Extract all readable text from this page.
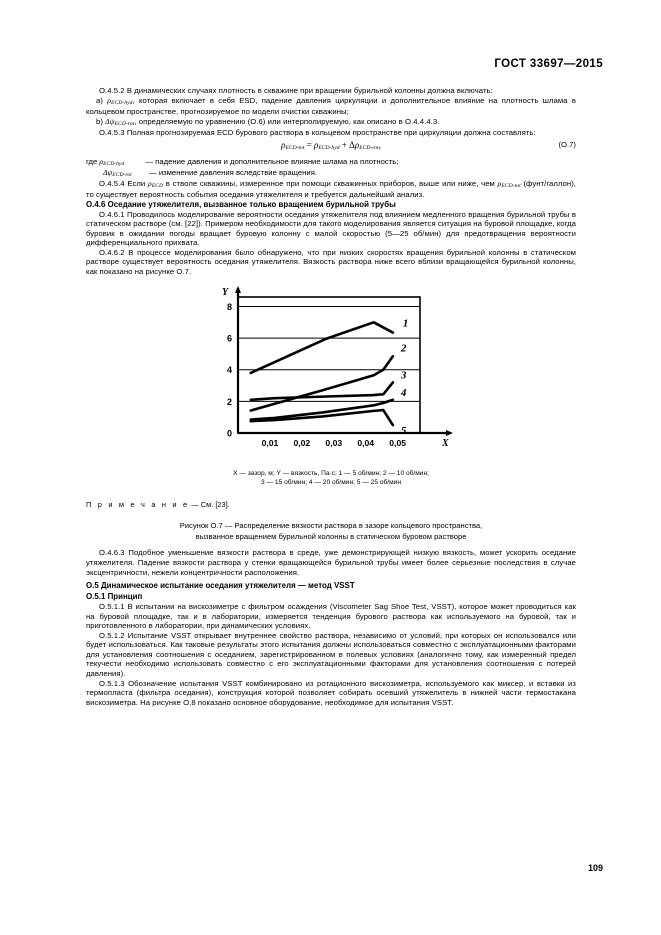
ГОСТ 33697—2015

О.4.5.2 В динамических случаях плотность в скважине при вращении бурильной колонны должна включать:

a) $\rho_{ECD-hyd}$, которая включает в себя ESD, падение давления циркуляции и дополнительное влияние на плотность шлама в кольцевом пространстве, прогнозируемое по модели очистки скважины;

b) $\Delta\psi_{ECD-rot}$, определяемую по уравнению (О.6) или интерполируемую, как описано в О.4.4.4.3.

О.4.5.3 Полная прогнозируемая ECD бурового раствора в кольцевом пространстве при циркуляции должна составлять:

$\rho_{ECD-tot} = \rho_{ECD-hyd} + \Delta\rho_{ECD-rot}$,	(О.7)
где $\rho_{ECD-hyd}$	— падение давления и дополнительное влияние шлама на плотность;
$\Delta\psi_{ECD-rot}$ — изменение давления вследствие вращения.

О.4.5.4 Если $\rho_{ECD}$ в стволе скважины, измеренное при помощи скважинных приборов, выше или ниже, чем $\rho_{ECD-tot}$ (фунт/галлон), то существует вероятность события оседания утяжелителя и требуется дальнейший анализ.

О.4.6 Оседание утяжелителя, вызванное только вращением бурильной трубы

О.4.6.1 Проводилось моделирование вероятности оседания утяжелителя под влиянием медленного вращения бурильной трубы в статическом растворе (см. [22]). Примером необходимости для такого моделирования является ситуация на буровой площадке, когда буровик в ожидании погоды вращает буровую колонну с малой скоростью (5—25 об/мин) для предотвращения вероятности дифференциального прихвата.

О.4.6.2 В процессе моделирования было обнаружено, что при низких скоростях вращения бурильной колонны в статическом растворе существует вероятность оседания утяжелителя. Вязкость раствора ниже всего вблизи вращающейся бурильной колонны, как показано на рисунке О.7.

0
2
4
6
8
0,01 0,02 0,03 0,04 0,05
1
2
3
4
5
Y
X
X — зазор, м; Y — вязкость, Па·с; 1 — 5 об/мин; 2 — 10 об/мин;
3 — 15 об/мин; 4 — 20 об/мин; 5 — 25 об/мин
П р и м е ч а н и е — См. [23].
Рисунок О.7 — Распределение вязкости раствора в зазоре кольцевого пространства,
вызванное вращением бурильной колонны в статическом буровом растворе

О.4.6.3 Подобное уменьшение вязкости раствора в среде, уже демонстрирующей низкую вязкость, может ускорить оседание утяжелителя. Падение вязкости раствора у стенки вращающейся бурильной трубы имеет более серьезные последствия в случае эксцентричности, нежели концентричности расположения.

О.5 Динамическое испытание оседания утяжелителя — метод VSST
О.5.1 Принцип

О.5.1.1 В испытании на вискозиметре с фильтром осаждения (Viscometer Sag Shoe Test, VSST), которое может проводиться как на буровой площадке, так и в лаборатории, измеряется тенденция бурового раствора как используемого на буровой, так и приготовленного в лаборатории, при динамических условиях.

О.5.1.2 Испытание VSST открывает внутреннее свойство раствора, независимо от условий, при которых он использовался или будет использоваться. Как таковые результаты этого испытания должны использоваться совместно с эксплуатационными факторами для установления соотношения с оседанием, зарегистрированном в полевых условиях (аналогично тому, как измеренный предел текучести необходимо использовать совместно с его эксплуатационными факторами для установления соотношения с потерей давления).

О.5.1.3 Обозначение испытания VSST комбинировано из ротационного вискозиметра, используемого как миксер, и вставки из термопласта (фильтра оседания), конструкция которой позволяет собирать осевший утяжелитель в нижней части термостакана вискозиметра. На рисунке О.8 показано основное оборудование, необходимое для испытания VSST.

109
